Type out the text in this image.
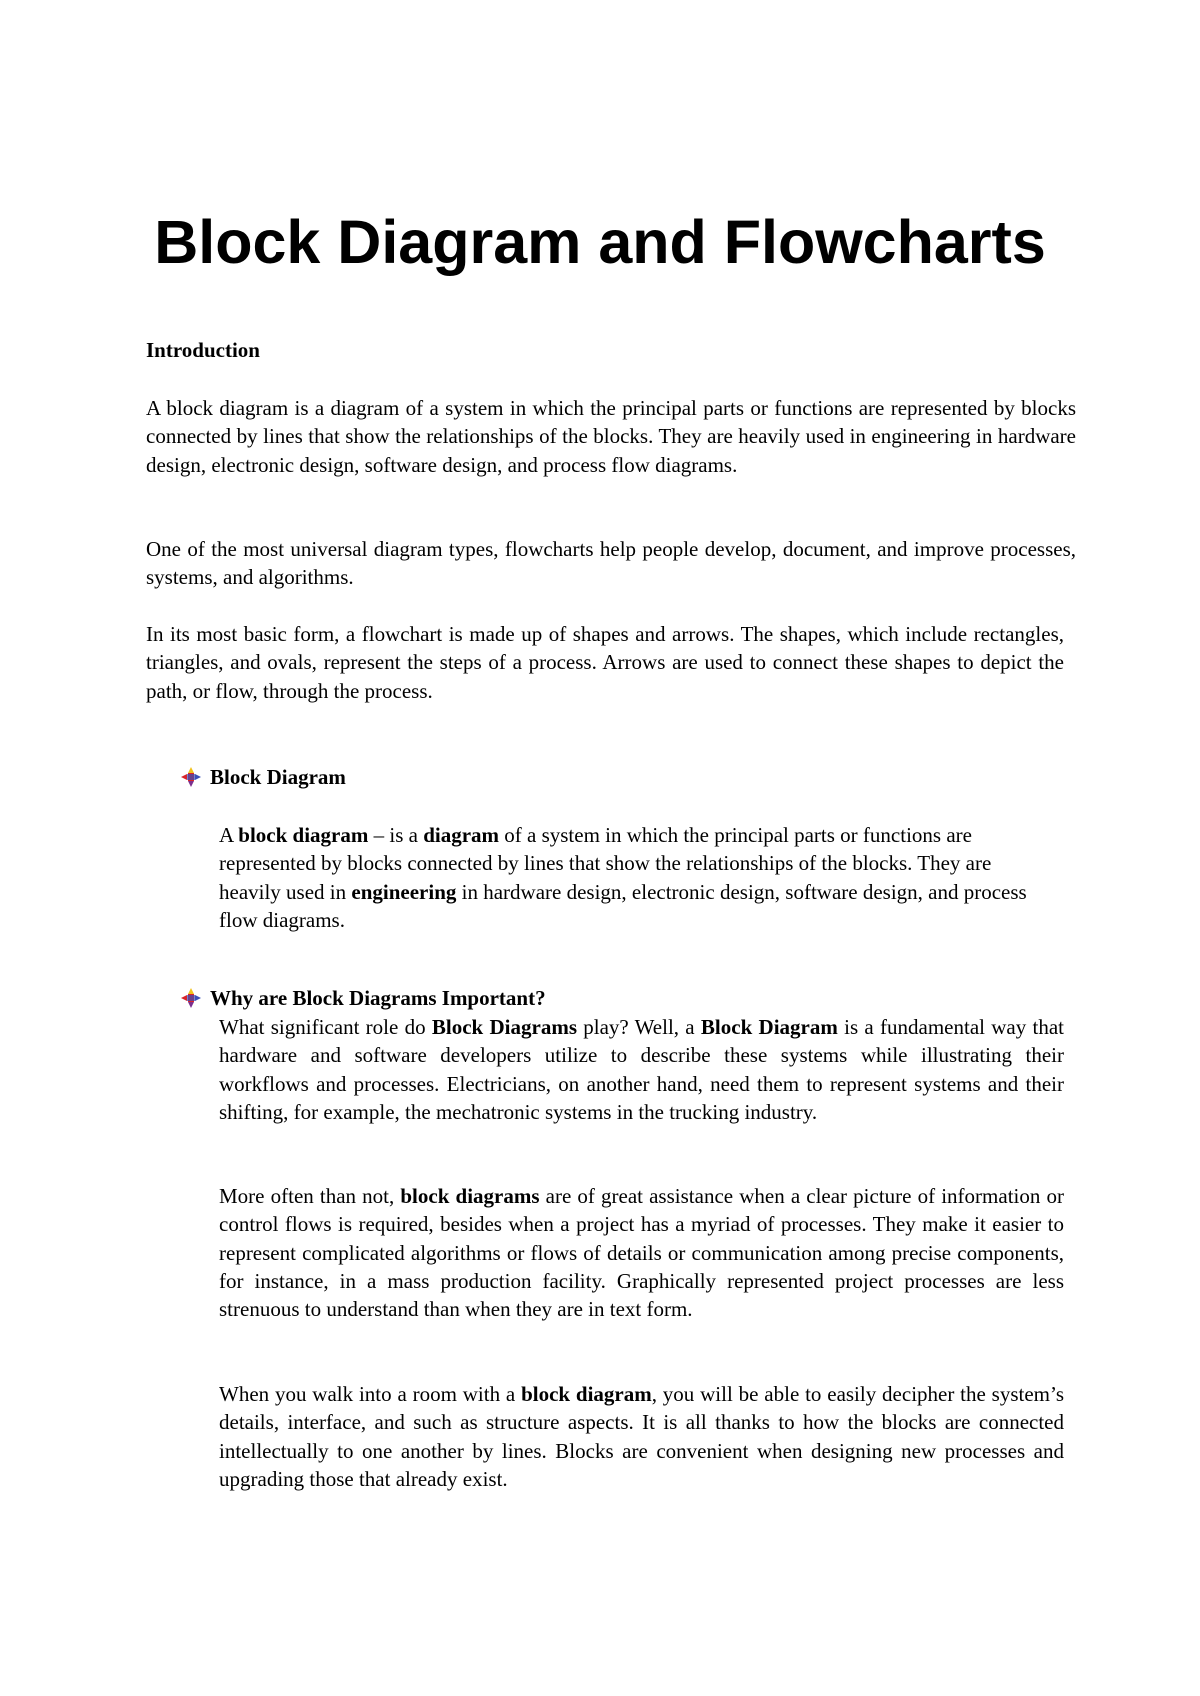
Block Diagram and Flowcharts
Introduction

A block diagram is a diagram of a system in which the principal parts or functions are represented by blocks connected by lines that show the relationships of the blocks. They are heavily used in engineering in hardware design, electronic design, software design, and process flow diagrams.

One of the most universal diagram types, flowcharts help people develop, document, and improve processes, systems, and algorithms.

In its most basic form, a flowchart is made up of shapes and arrows. The shapes, which include rectangles, triangles, and ovals, represent the steps of a process. Arrows are used to connect these shapes to depict the path, or flow, through the process.

Block Diagram

A block diagram – is a diagram of a system in which the principal parts or functions are represented by blocks connected by lines that show the relationships of the blocks. They are heavily used in engineering in hardware design, electronic design, software design, and process flow diagrams.

Why are Block Diagrams Important?

What significant role do Block Diagrams play? Well, a Block Diagram is a fundamental way that hardware and software developers utilize to describe these systems while illustrating their workflows and processes. Electricians, on another hand, need them to represent systems and their shifting, for example, the mechatronic systems in the trucking industry.

More often than not, block diagrams are of great assistance when a clear picture of information or control flows is required, besides when a project has a myriad of processes. They make it easier to represent complicated algorithms or flows of details or communication among precise components, for instance, in a mass production facility. Graphically represented project processes are less strenuous to understand than when they are in text form.

When you walk into a room with a block diagram, you will be able to easily decipher the system’s details, interface, and such as structure aspects. It is all thanks to how the blocks are connected intellectually to one another by lines. Blocks are convenient when designing new processes and upgrading those that already exist.
